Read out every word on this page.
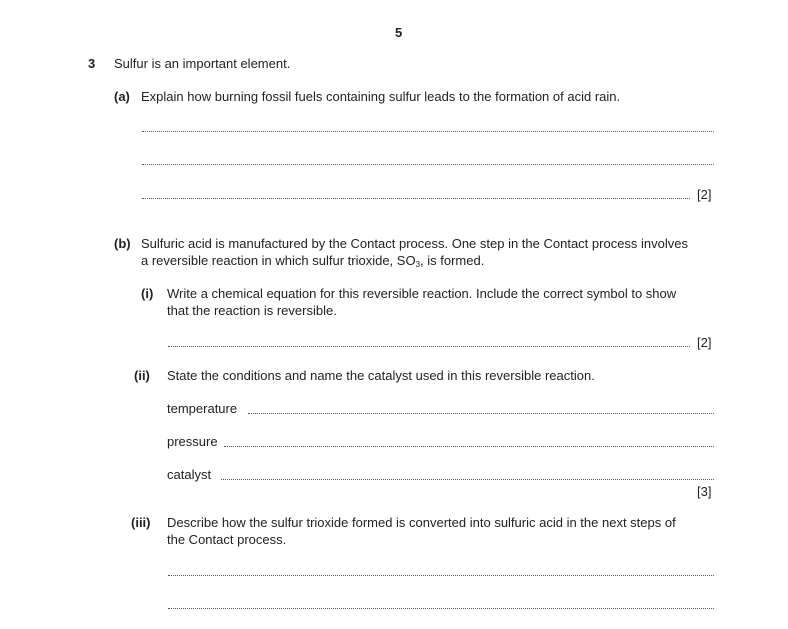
5
3 Sulfur is an important element.
(a) Explain how burning fossil fuels containing sulfur leads to the formation of acid rain.
[2]
(b) Sulfuric acid is manufactured by the Contact process. One step in the Contact process involves
a reversible reaction in which sulfur trioxide, $SO_3$, is formed.
(i) Write a chemical equation for this reversible reaction. Include the correct symbol to show
that the reaction is reversible.
[2]
(ii) State the conditions and name the catalyst used in this reversible reaction.
temperature
pressure
catalyst
[3]
(iii) Describe how the sulfur trioxide formed is converted into sulfuric acid in the next steps of
the Contact process.
